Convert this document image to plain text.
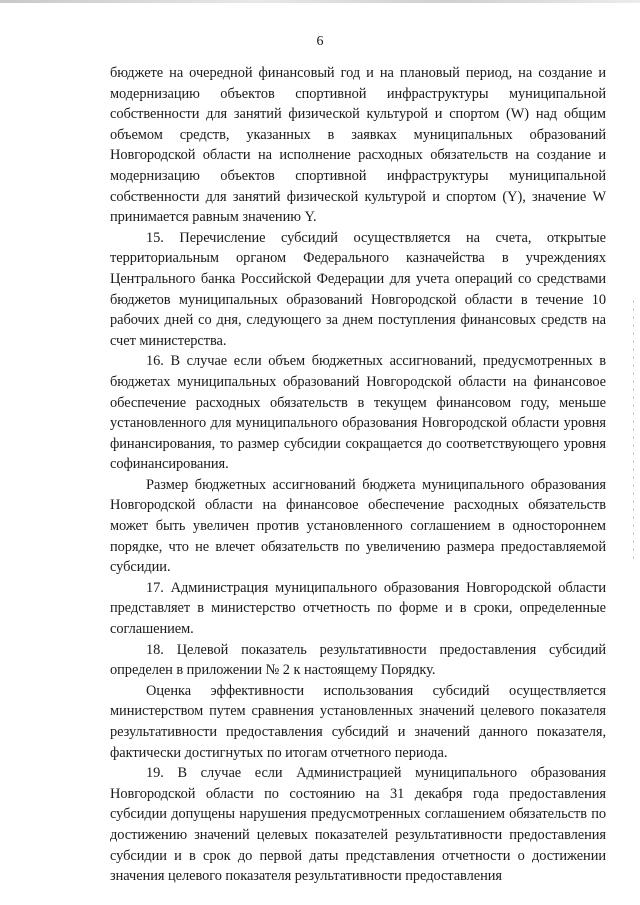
6

бюджете на очередной финансовый год и на плановый период, на создание и модернизацию объектов спортивной инфраструктуры муниципальной собственности для занятий физической культурой и спортом (W) над общим объемом средств, указанных в заявках муниципальных образований Новгородской области на исполнение расходных обязательств на создание и модернизацию объектов спортивной инфраструктуры муниципальной собственности для занятий физической культурой и спортом (Y), значение W принимается равным значению Y.

15. Перечисление субсидий осуществляется на счета, открытые территориальным органом Федерального казначейства в учреждениях Центрального банка Российской Федерации для учета операций со средствами бюджетов муниципальных образований Новгородской области в течение 10 рабочих дней со дня, следующего за днем поступления финансовых средств на счет министерства.

16. В случае если объем бюджетных ассигнований, предусмотренных в бюджетах муниципальных образований Новгородской области на финансовое обеспечение расходных обязательств в текущем финансовом году, меньше установленного для муниципального образования Новгородской области уровня финансирования, то размер субсидии сокращается до соответствующего уровня софинансирования.

Размер бюджетных ассигнований бюджета муниципального образования Новгородской области на финансовое обеспечение расходных обязательств может быть увеличен против установленного соглашением в одностороннем порядке, что не влечет обязательств по увеличению размера предоставляемой субсидии.

17. Администрация муниципального образования Новгородской области представляет в министерство отчетность по форме и в сроки, определенные соглашением.

18. Целевой показатель результативности предоставления субсидий определен в приложении № 2 к настоящему Порядку.

Оценка эффективности использования субсидий осуществляется министерством путем сравнения установленных значений целевого показателя результативности предоставления субсидий и значений данного показателя, фактически достигнутых по итогам отчетного периода.

19. В случае если Администрацией муниципального образования Новгородской области по состоянию на 31 декабря года предоставления субсидии допущены нарушения предусмотренных соглашением обязательств по достижению значений целевых показателей результативности предоставления субсидии и в срок до первой даты представления отчетности о достижении значения целевого показателя результативности предоставления
